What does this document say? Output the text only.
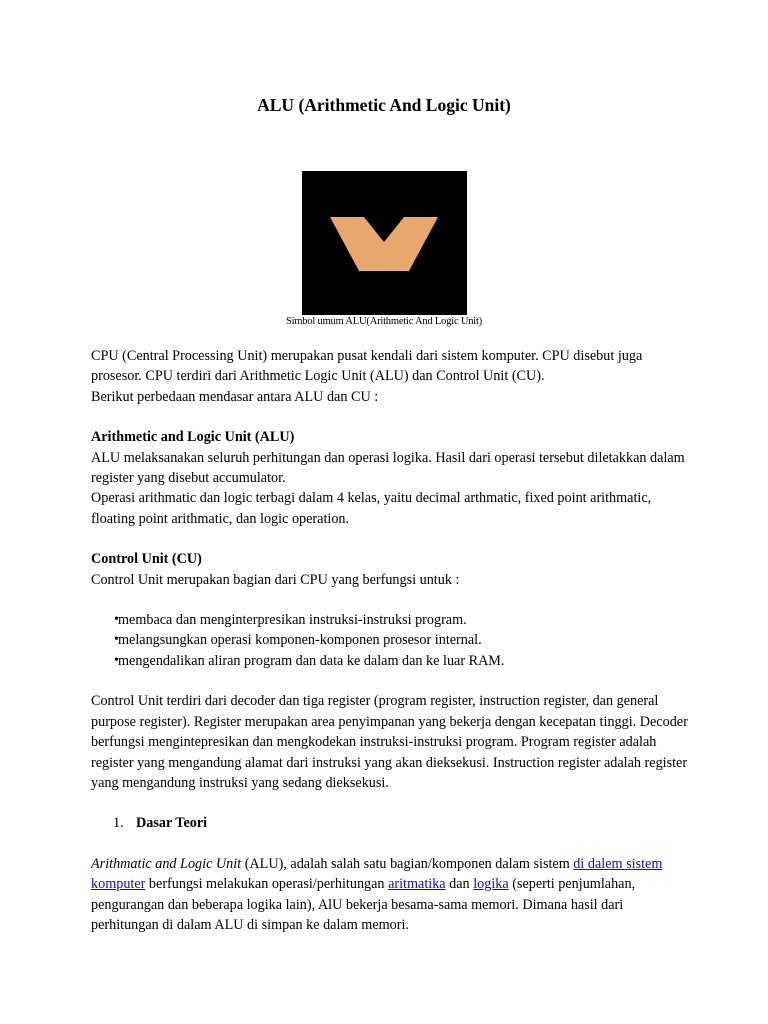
ALU (Arithmetic And Logic Unit)
Simbol umum ALU(Arithmetic And Logic Unit)

CPU (Central Processing Unit) merupakan pusat kendali dari sistem komputer. CPU disebut juga prosesor. CPU terdiri dari Arithmetic Logic Unit (ALU) dan Control Unit (CU).

Berikut perbedaan mendasar antara ALU dan CU :

Arithmetic and Logic Unit (ALU)

ALU melaksanakan seluruh perhitungan dan operasi logika. Hasil dari operasi tersebut diletakkan dalam register yang disebut accumulator.

Operasi arithmatic dan logic terbagi dalam 4 kelas, yaitu decimal arthmatic, fixed point arithmatic, floating point arithmatic, dan logic operation.

Control Unit (CU)

Control Unit merupakan bagian dari CPU yang berfungsi untuk :

• membaca dan menginterpresikan instruksi-instruksi program.
• melangsungkan operasi komponen-komponen prosesor internal.
• mengendalikan aliran program dan data ke dalam dan ke luar RAM.

Control Unit terdiri dari decoder dan tiga register (program register, instruction register, dan general purpose register). Register merupakan area penyimpanan yang bekerja dengan kecepatan tinggi. Decoder berfungsi mengintepresikan dan mengkodekan instruksi-instruksi program. Program register adalah register yang mengandung alamat dari instruksi yang akan dieksekusi. Instruction register adalah register yang mengandung instruksi yang sedang dieksekusi.

1. Dasar Teori

Arithmatic and Logic Unit (ALU), adalah salah satu bagian/komponen dalam sistem di dalem sistem komputer berfungsi melakukan operasi/perhitungan aritmatika dan logika (seperti penjumlahan, pengurangan dan beberapa logika lain), AlU bekerja besama-sama memori. Dimana hasil dari perhitungan di dalam ALU di simpan ke dalam memori.
